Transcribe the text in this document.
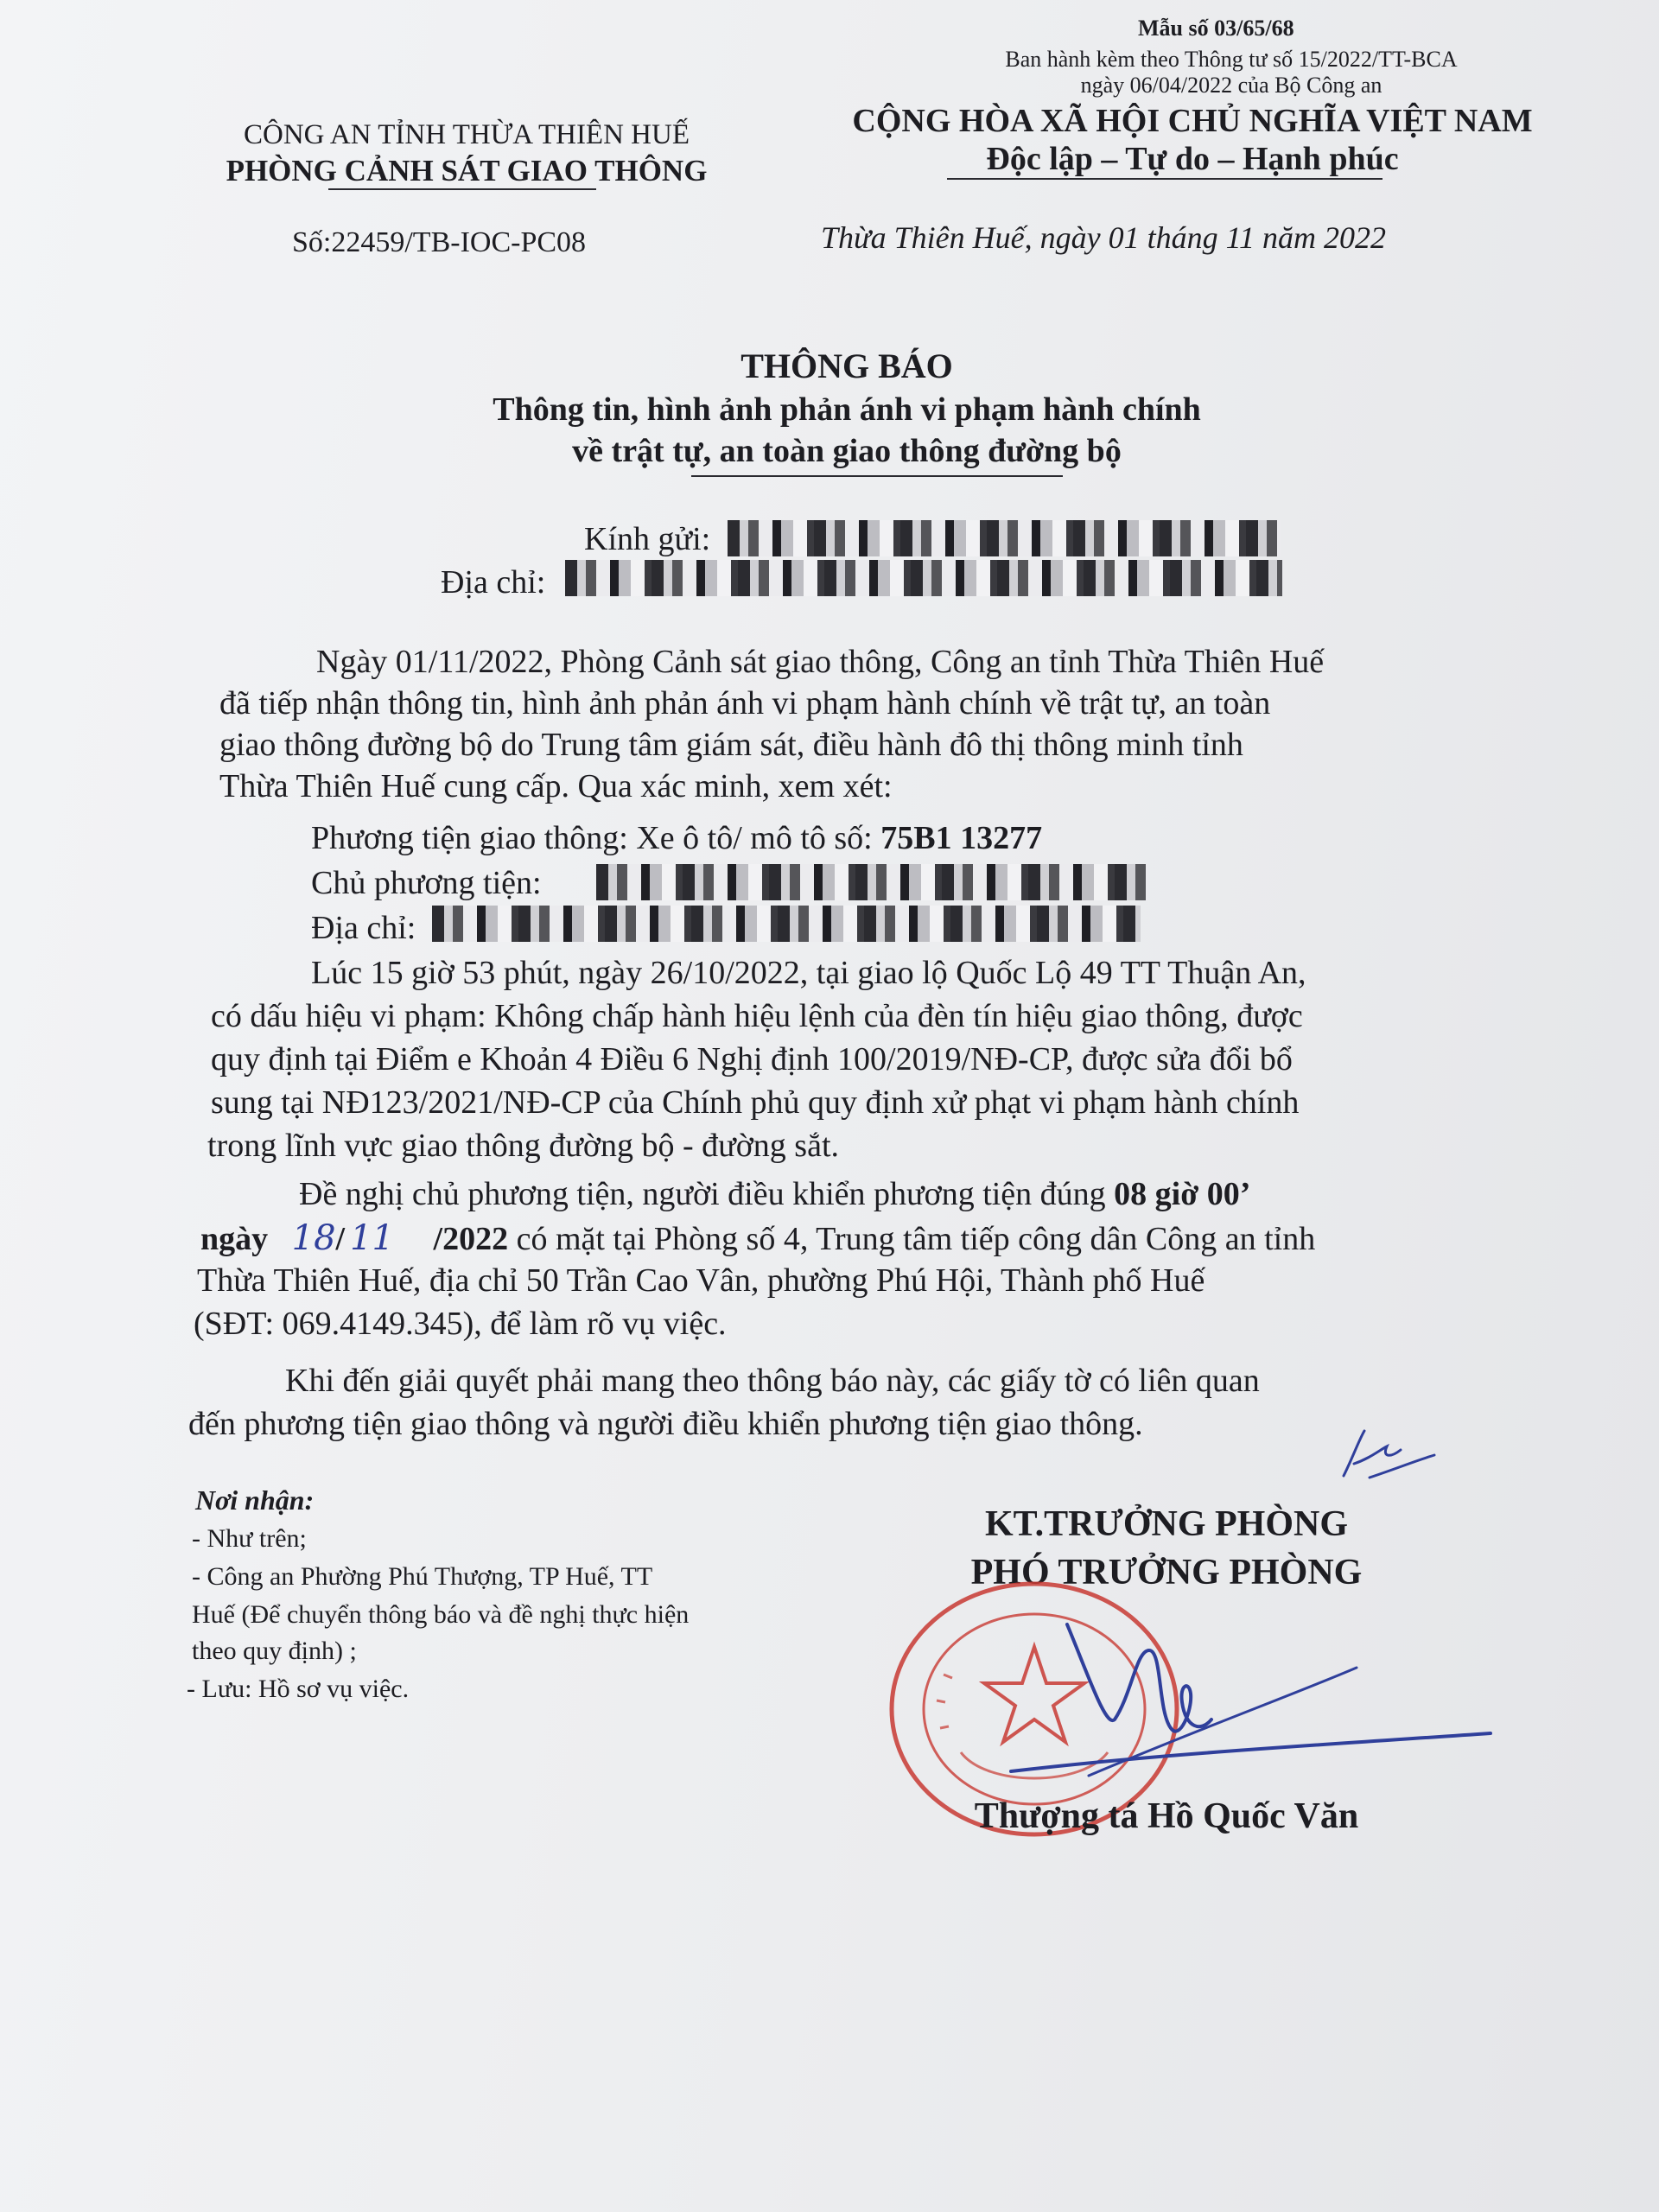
Mẫu số 03/65/68
Ban hành kèm theo Thông tư số 15/2022/TT-BCA
ngày 06/04/2022 của Bộ Công an
CÔNG AN TỈNH THỪA THIÊN HUẾ
PHÒNG CẢNH SÁT GIAO THÔNG
CỘNG HÒA XÃ HỘI CHỦ NGHĨA VIỆT NAM
Độc lập – Tự do – Hạnh phúc
Số:22459/TB-IOC-PC08	Thừa Thiên Huế, ngày 01 tháng 11 năm 2022
THÔNG BÁO
Thông tin, hình ảnh phản ánh vi phạm hành chính
về trật tự, an toàn giao thông đường bộ
Kính gửi:
Địa chỉ:
Ngày 01/11/2022, Phòng Cảnh sát giao thông, Công an tỉnh Thừa Thiên Huế
đã tiếp nhận thông tin, hình ảnh phản ánh vi phạm hành chính về trật tự, an toàn
giao thông đường bộ do Trung tâm giám sát, điều hành đô thị thông minh tỉnh
Thừa Thiên Huế cung cấp. Qua xác minh, xem xét:
Phương tiện giao thông: Xe ô tô/ mô tô số: 75B1 13277
Chủ phương tiện:
Địa chỉ:
Lúc 15 giờ 53 phút, ngày 26/10/2022, tại giao lộ Quốc Lộ 49 TT Thuận An,
có dấu hiệu vi phạm: Không chấp hành hiệu lệnh của đèn tín hiệu giao thông, được
quy định tại Điểm e Khoản 4 Điều 6 Nghị định 100/2019/NĐ-CP, được sửa đổi bổ
sung tại NĐ123/2021/NĐ-CP của Chính phủ quy định xử phạt vi phạm hành chính
trong lĩnh vực giao thông đường bộ - đường sắt.
Đề nghị chủ phương tiện, người điều khiển phương tiện đúng 08 giờ 00’
ngày 18/ 11 /2022 có mặt tại Phòng số 4, Trung tâm tiếp công dân Công an tỉnh
Thừa Thiên Huế, địa chỉ 50 Trần Cao Vân, phường Phú Hội, Thành phố Huế
(SĐT: 069.4149.345), để làm rõ vụ việc.
Khi đến giải quyết phải mang theo thông báo này, các giấy tờ có liên quan
đến phương tiện giao thông và người điều khiển phương tiện giao thông.
Nơi nhận:
- Như trên;
- Công an Phường Phú Thượng, TP Huế, TT
Huế (Để chuyển thông báo và đề nghị thực hiện
theo quy định) ;
- Lưu: Hồ sơ vụ việc.
KT.TRƯỞNG PHÒNG
PHÓ TRƯỞNG PHÒNG
Thượng tá Hồ Quốc Văn
